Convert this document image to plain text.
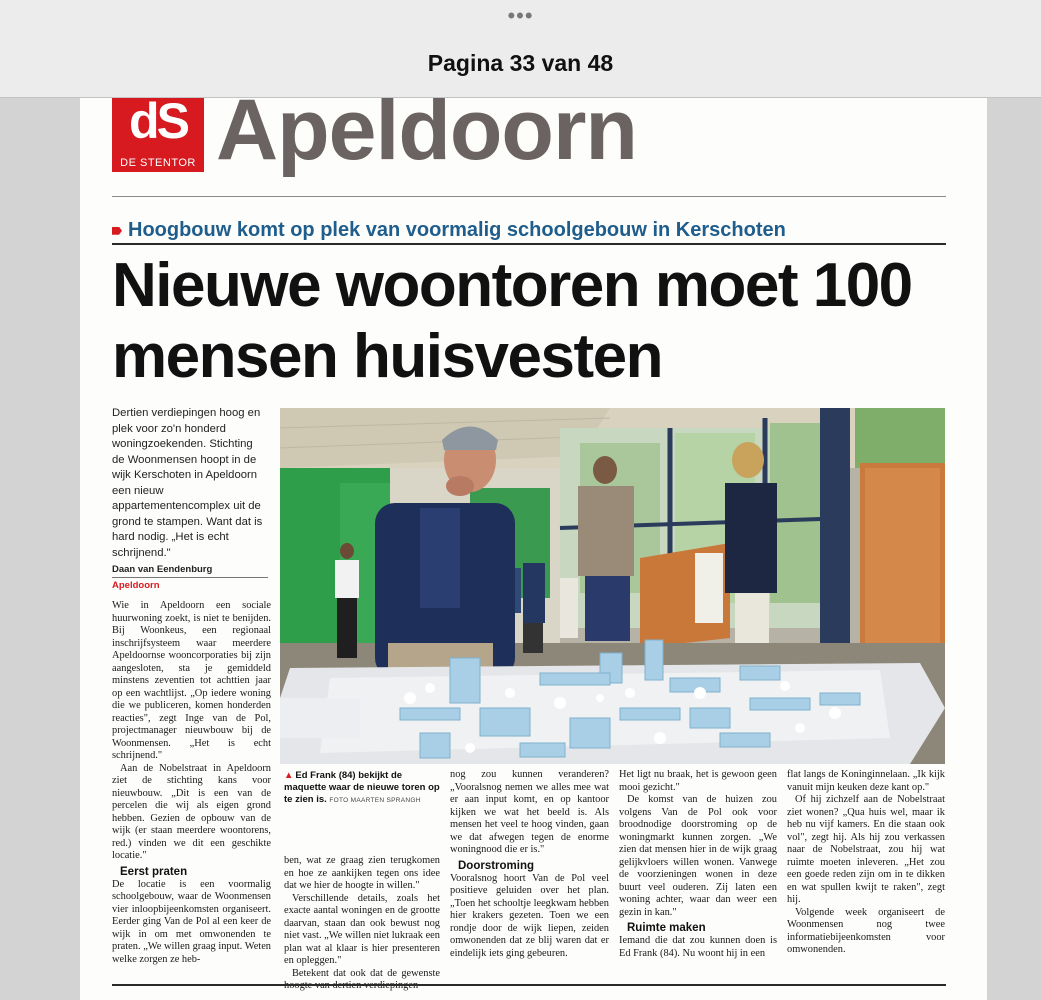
•••
Pagina 33 van 48
dS
DE STENTOR Apeldoorn
Hoogbouw komt op plek van voormalig schoolgebouw in Kerschoten
Nieuwe woontoren moet 100 mensen huisvesten
Dertien verdiepingen hoog en plek voor zo'n honderd woningzoekenden. Stichting de Woonmensen hoopt in de wijk Kerschoten in Apeldoorn een nieuw appartementencomplex uit de grond te stampen. Want dat is hard nodig. „Het is echt schrijnend."
Daan van Eendenburg
Apeldoorn
▲ Ed Frank (84) bekijkt de maquette waar de nieuwe toren op te zien is. FOTO MAARTEN SPRANGH

Wie in Apeldoorn een sociale huurwoning zoekt, is niet te benijden. Bij Woonkeus, een regionaal inschrijfsysteem waar meerdere Apeldoornse wooncorporaties bij zijn aangesloten, sta je gemiddeld minstens zeventien tot achttien jaar op een wachtlijst. „Op iedere woning die we publiceren, komen honderden reacties", zegt Inge van de Pol, projectmanager nieuwbouw bij de Woonmensen. „Het is echt schrijnend."

Aan de Nobelstraat in Apeldoorn ziet de stichting kans voor nieuwbouw. „Dit is een van de percelen die wij als eigen grond hebben. Gezien de opbouw van de wijk (er staan meerdere woontorens, red.) vinden we dit een geschikte locatie."

Eerst praten

De locatie is een voormalig schoolgebouw, waar de Woonmensen vier inloopbijeenkomsten organiseert. Eerder ging Van de Pol al een keer de wijk in om met omwonenden te praten. „We willen graag input. Weten welke zorgen ze heb-

ben, wat ze graag zien terugkomen en hoe ze aankijken tegen ons idee dat we hier de hoogte in willen."

Verschillende details, zoals het exacte aantal woningen en de grootte daarvan, staan dan ook bewust nog niet vast. „We willen niet lukraak een plan wat al klaar is hier presenteren en opleggen."

Betekent dat ook dat de gewenste

nog zou kunnen veranderen? „Vooralsnog nemen we alles mee wat er aan input komt, en op kantoor kijken we wat het beeld is. Als mensen het veel te hoog vinden, gaan we dat afwegen tegen de enorme woningnood die er is."

Doorstroming

Vooralsnog hoort Van de Pol veel positieve geluiden over het plan. „Toen het schooltje leegkwam hebben hier krakers gezeten. Toen we een rondje door de wijk liepen, zeiden omwonenden dat ze blij waren dat er eindelijk iets ging gebeuren.

Het ligt nu braak, het is gewoon geen mooi gezicht."

De komst van de huizen zou volgens Van de Pol ook voor broodnodige doorstroming op de woningmarkt kunnen zorgen. „We zien dat mensen hier in de wijk graag gelijkvloers willen wonen. Vanwege de voorzieningen wonen in deze buurt veel ouderen. Zij laten een woning achter, waar dan weer een gezin in kan."

Ruimte maken

Iemand die dat zou kunnen doen is Ed Frank (84). Nu woont hij in een

flat langs de Koninginnelaan. „Ik kijk vanuit mijn keuken deze kant op."

Of hij zichzelf aan de Nobelstraat ziet wonen? „Qua huis wel, maar ik heb nu vijf kamers. En die staan ook vol", zegt hij. Als hij zou verkassen naar de Nobelstraat, zou hij wat ruimte moeten inleveren. „Het zou een goede reden zijn om in te dikken en wat spullen kwijt te raken", zegt hij.

Volgende week organiseert de Woonmensen nog twee informatiebijeenkomsten voor omwonenden.
